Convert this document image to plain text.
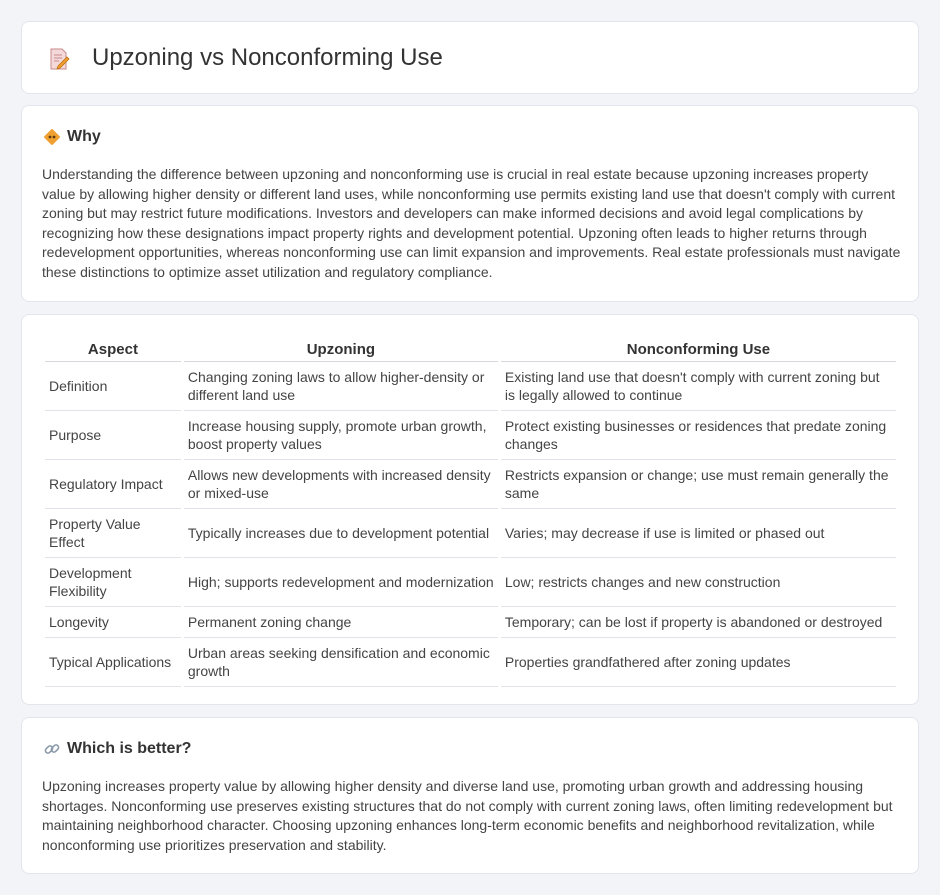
Upzoning vs Nonconforming Use
Why

Understanding the difference between upzoning and nonconforming use is crucial in real estate because upzoning increases property value by allowing higher density or different land uses, while nonconforming use permits existing land use that doesn't comply with current zoning but may restrict future modifications. Investors and developers can make informed decisions and avoid legal complications by recognizing how these designations impact property rights and development potential. Upzoning often leads to higher returns through redevelopment opportunities, whereas nonconforming use can limit expansion and improvements. Real estate professionals must navigate these distinctions to optimize asset utilization and regulatory compliance.

Aspect	Upzoning	Nonconforming Use
Definition	Changing zoning laws to allow higher-density or different land use	Existing land use that doesn't comply with current zoning but is legally allowed to continue
Purpose	Increase housing supply, promote urban growth, boost property values	Protect existing businesses or residences that predate zoning changes
Regulatory Impact	Allows new developments with increased density or mixed-use	Restricts expansion or change; use must remain generally the same
Property Value Effect	Typically increases due to development potential	Varies; may decrease if use is limited or phased out
Development Flexibility	High; supports redevelopment and modernization	Low; restricts changes and new construction
Longevity	Permanent zoning change	Temporary; can be lost if property is abandoned or destroyed
Typical Applications	Urban areas seeking densification and economic growth	Properties grandfathered after zoning updates
Which is better?

Upzoning increases property value by allowing higher density and diverse land use, promoting urban growth and addressing housing shortages. Nonconforming use preserves existing structures that do not comply with current zoning laws, often limiting redevelopment but maintaining neighborhood character. Choosing upzoning enhances long-term economic benefits and neighborhood revitalization, while nonconforming use prioritizes preservation and stability.
